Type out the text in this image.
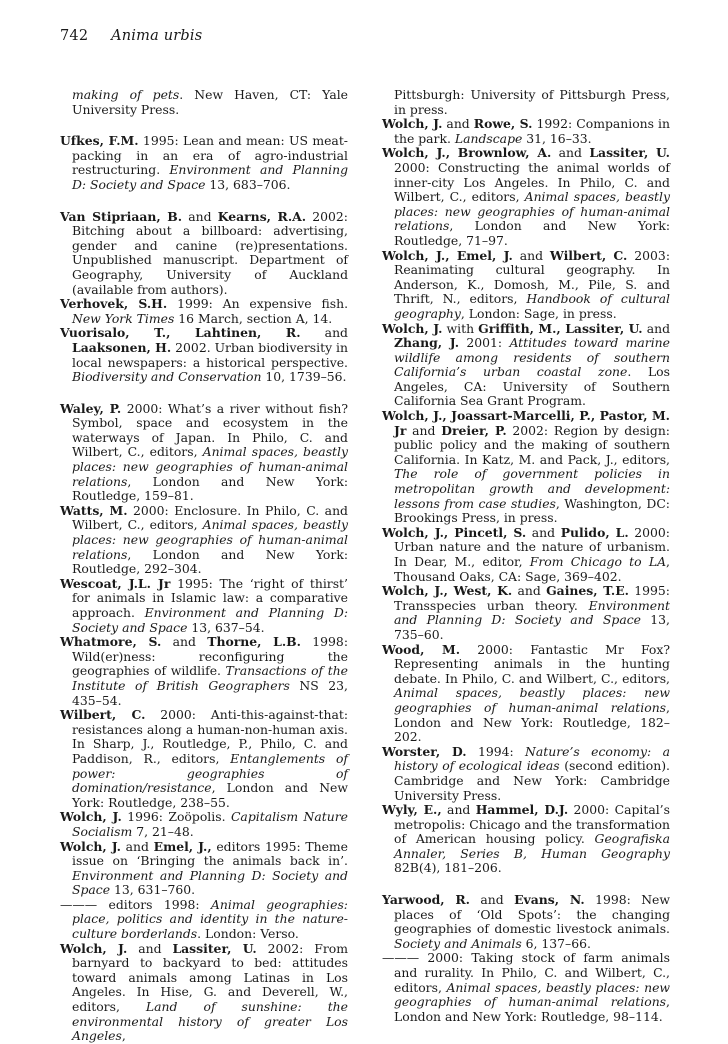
742 Anima urbis

making of pets. New Haven, CT: Yale University Press.

Ufkes, F.M. 1995: Lean and mean: US meat-packing in an era of agro-industrial restructuring. Environment and Planning D: Society and Space 13, 683–706.

Van Stipriaan, B. and Kearns, R.A. 2002: Bitching about a billboard: advertising, gender and canine (re)presentations. Unpublished manuscript. Department of Geography, University of Auckland (available from authors).

Verhovek, S.H. 1999: An expensive fish. New York Times 16 March, section A, 14.

Vuorisalo, T., Lahtinen, R. and Laaksonen, H. 2002. Urban biodiversity in local newspapers: a historical perspective. Biodiversity and Conservation 10, 1739–56.

Waley, P. 2000: What’s a river without fish? Symbol, space and ecosystem in the waterways of Japan. In Philo, C. and Wilbert, C., editors, Animal spaces, beastly places: new geographies of human-animal relations, London and New York: Routledge, 159–81.

Watts, M. 2000: Enclosure. In Philo, C. and Wilbert, C., editors, Animal spaces, beastly places: new geographies of human-animal relations, London and New York: Routledge, 292–304.

Wescoat, J.L. Jr 1995: The ‘right of thirst’ for animals in Islamic law: a comparative approach. Environment and Planning D: Society and Space 13, 637–54.

Whatmore, S. and Thorne, L.B. 1998: Wild(er)ness: reconfiguring the geographies of wildlife. Transactions of the Institute of British Geographers NS 23, 435–54.

Wilbert, C. 2000: Anti-this-against-that: resistances along a human-non-human axis. In Sharp, J., Routledge, P., Philo, C. and Paddison, R., editors, Entanglements of power: geographies of domination/resistance, London and New York: Routledge, 238–55.

Wolch, J. 1996: Zoöpolis. Capitalism Nature Socialism 7, 21–48.

Wolch, J. and Emel, J., editors 1995: Theme issue on ‘Bringing the animals back in’. Environment and Planning D: Society and Space 13, 631–760.

——— editors 1998: Animal geographies: place, politics and identity in the nature-culture borderlands. London: Verso.

Wolch, J. and Lassiter, U. 2002: From barnyard to backyard to bed: attitudes toward animals among Latinas in Los Angeles. In Hise, G. and Deverell, W., editors, Land of sunshine: the environmental history of greater Los Angeles,

Pittsburgh: University of Pittsburgh Press, in press.

Wolch, J. and Rowe, S. 1992: Companions in the park. Landscape 31, 16–33.

Wolch, J., Brownlow, A. and Lassiter, U. 2000: Constructing the animal worlds of inner-city Los Angeles. In Philo, C. and Wilbert, C., editors, Animal spaces, beastly places: new geographies of human-animal relations, London and New York: Routledge, 71–97.

Wolch, J., Emel, J. and Wilbert, C. 2003: Reanimating cultural geography. In Anderson, K., Domosh, M., Pile, S. and Thrift, N., editors, Handbook of cultural geography, London: Sage, in press.

Wolch, J. with Griffith, M., Lassiter, U. and Zhang, J. 2001: Attitudes toward marine wildlife among residents of southern California’s urban coastal zone. Los Angeles, CA: University of Southern California Sea Grant Program.

Wolch, J., Joassart-Marcelli, P., Pastor, M. Jr and Dreier, P. 2002: Region by design: public policy and the making of southern California. In Katz, M. and Pack, J., editors, The role of government policies in metropolitan growth and development: lessons from case studies, Washington, DC: Brookings Press, in press.

Wolch, J., Pincetl, S. and Pulido, L. 2000: Urban nature and the nature of urbanism. In Dear, M., editor, From Chicago to LA, Thousand Oaks, CA: Sage, 369–402.

Wolch, J., West, K. and Gaines, T.E. 1995: Transspecies urban theory. Environment and Planning D: Society and Space 13, 735–60.

Wood, M. 2000: Fantastic Mr Fox? Representing animals in the hunting debate. In Philo, C. and Wilbert, C., editors, Animal spaces, beastly places: new geographies of human-animal relations, London and New York: Routledge, 182–202.

Worster, D. 1994: Nature’s economy: a history of ecological ideas (second edition). Cambridge and New York: Cambridge University Press.

Wyly, E., and Hammel, D.J. 2000: Capital’s metropolis: Chicago and the transformation of American housing policy. Geografiska Annaler, Series B, Human Geography 82B(4), 181–206.

Yarwood, R. and Evans, N. 1998: New places of ‘Old Spots’: the changing geographies of domestic livestock animals. Society and Animals 6, 137–66.

——— 2000: Taking stock of farm animals and rurality. In Philo, C. and Wilbert, C., editors, Animal spaces, beastly places: new geographies of human-animal relations, London and New York: Routledge, 98–114.
